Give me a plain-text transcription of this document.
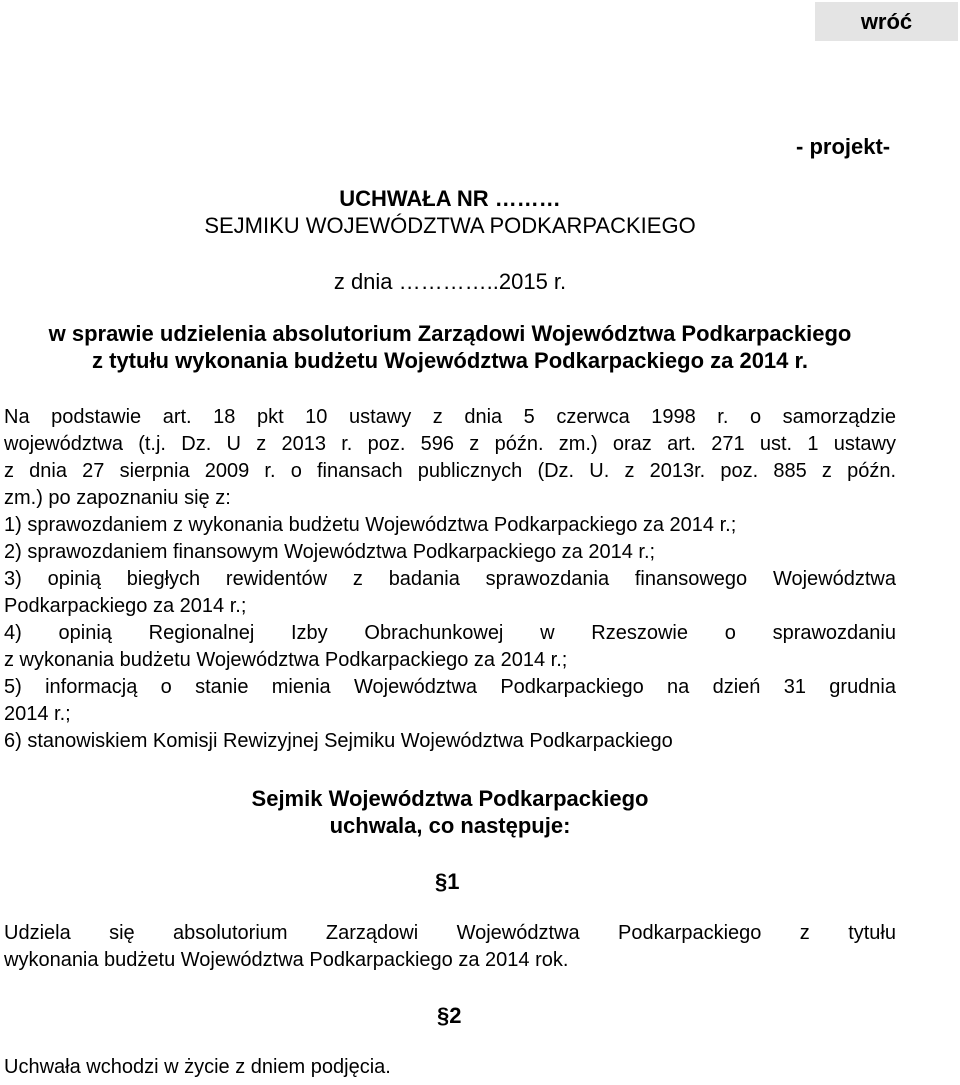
wróć
- projekt-
UCHWAŁA NR ………
SEJMIKU WOJEWÓDZTWA PODKARPACKIEGO
z dnia …………..2015 r.
w sprawie udzielenia absolutorium Zarządowi Województwa Podkarpackiego
z tytułu wykonania budżetu Województwa Podkarpackiego za 2014 r.
Na podstawie art. 18 pkt 10 ustawy z dnia 5 czerwca 1998 r. o samorządzie
województwa (t.j. Dz. U z 2013 r. poz. 596 z późn. zm.) oraz art. 271 ust. 1 ustawy
z dnia 27 sierpnia 2009 r. o finansach publicznych (Dz. U. z 2013r. poz. 885 z późn.
zm.) po zapoznaniu się z:
1) sprawozdaniem z wykonania budżetu Województwa Podkarpackiego za 2014 r.;
2) sprawozdaniem finansowym Województwa Podkarpackiego za 2014 r.;
3) opinią biegłych rewidentów z badania sprawozdania finansowego Województwa
Podkarpackiego za 2014 r.;
4) opinią Regionalnej Izby Obrachunkowej w Rzeszowie o sprawozdaniu
z wykonania budżetu Województwa Podkarpackiego za 2014 r.;
5) informacją o stanie mienia Województwa Podkarpackiego na dzień 31 grudnia
2014 r.;
6) stanowiskiem Komisji Rewizyjnej Sejmiku Województwa Podkarpackiego
Sejmik Województwa Podkarpackiego
uchwala, co następuje:
§1
Udziela się absolutorium Zarządowi Województwa Podkarpackiego z tytułu
wykonania budżetu Województwa Podkarpackiego za 2014 rok.
§2
Uchwała wchodzi w życie z dniem podjęcia.
